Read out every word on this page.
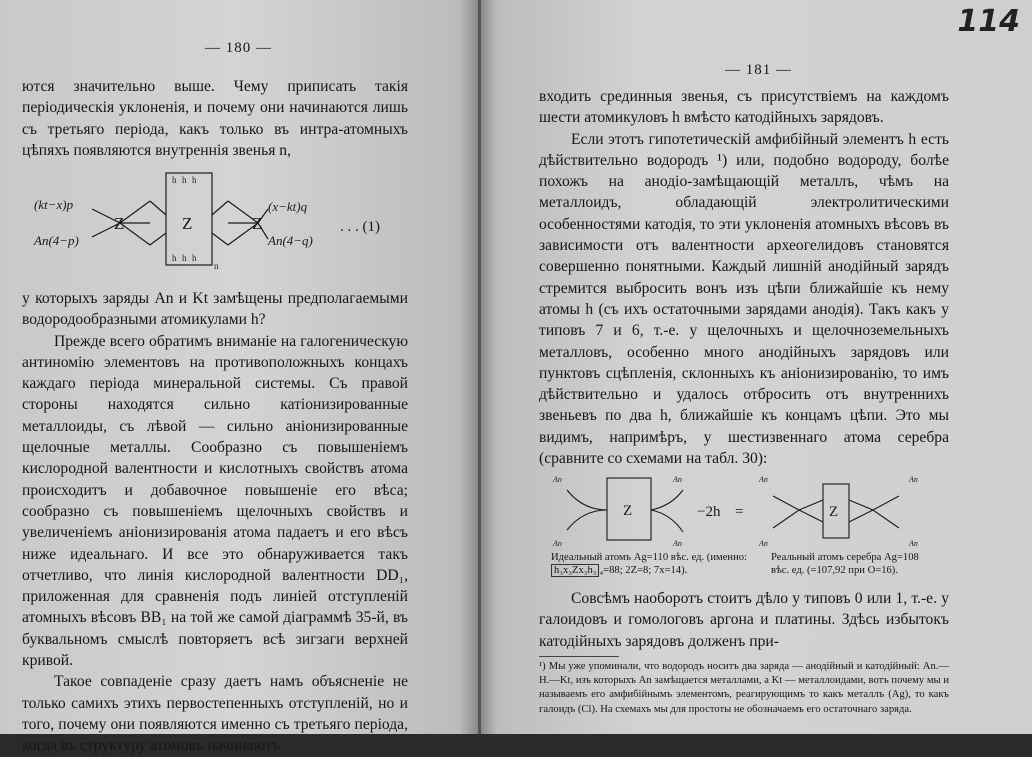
— 180 —

ются значительно выше. Чему приписать такія періодическія уклоненія, и почему они начинаются лишь съ третьяго періода, какъ только въ интра-атомныхъ цѣпяхъ появляются внутреннія звенья n,

(kt−x)p
An(4−p)
(x−kt)q
An(4−q)
Z	Z	Z
h h h
h h h
n
. . . (1)

у которыхъ заряды An и Kt замѣщены предполагаемыми водородообразными атомикулами h?

Прежде всего обратимъ вниманіе на галогеническую антиномію элементовъ на противоположныхъ концахъ каждаго періода минеральной системы. Съ правой стороны находятся сильно катіонизированные металлоиды, съ лѣвой — сильно аніонизированные щелочные металлы. Сообразно съ повышеніемъ кислородной валентности и кислотныхъ свойствъ атома происходитъ и добавочное повышеніе его вѣса; сообразно съ повышеніемъ щелочныхъ свойствъ и увеличеніемъ аніонизированія атома падаетъ и его вѣсъ ниже идеальнаго. И все это обнаруживается такъ отчетливо, что линія кислородной валентности DD₁, приложенная для сравненія подъ линіей отступленій атомныхъ вѣсовъ BB₁ на той же самой діаграммѣ 35-й, въ буквальномъ смыслѣ повторяетъ всѣ зигзаги верхней кривой.

Такое совпаденіе сразу даетъ намъ объясненіе не только самихъ этихъ первостепенныхъ отступленій, но и того, почему они появляются именно съ третьяго періода, когда въ структуру атомовъ начинаютъ

— 181 —
114

входить срединныя звенья, съ присутствіемъ на каждомъ шести атомикуловъ h вмѣсто катодійныхъ зарядовъ.

Если этотъ гипотетическій амфибійный элементъ h есть дѣйствительно водородъ ¹) или, подобно водороду, болѣе похожъ на анодіо-замѣщающій металлъ, чѣмъ на металлоидъ, обладающій электролитическими особенностями катодія, то эти уклоненія атомныхъ вѣсовъ въ зависимости отъ валентности археогелидовъ становятся совершенно понятными. Каждый лишній анодійный зарядъ стремится выбросить вонъ изъ цѣпи ближайшіе къ нему атомы h (съ ихъ остаточными зарядами анодія). Такъ какъ у типовъ 7 и 6, т.-е. у щелочныхъ и щелочноземельныхъ металловъ, особенно много анодійныхъ зарядовъ или пунктовъ сцѣпленія, склонныхъ къ аніонизированію, то имъ дѣйствительно и удалось отбросить отъ внутреннихъ звеньевъ по два h, ближайшіе къ концамъ цѣпи. Это мы видимъ, напримѣръ, у шестизвеннаго атома серебра (сравните со схемами на табл. 30):

An
An
An
An
An
An
An
An
Z	Z
−2h =
Идеальный атомъ Ag=110 вѣс. ед. (именно:
h₃x₃Zx₃h₃ ₄=88; 2Z=8; 7x=14).
Реальный атомъ серебра Ag=108
вѣс. ед. (=107,92 при O=16).

Совсѣмъ наоборотъ стоитъ дѣло у типовъ 0 или 1, т.-е. у галоидовъ и гомологовъ аргона и платины. Здѣсь избытокъ катодійныхъ зарядовъ долженъ при-

¹) Мы уже упоминали, что водородъ носитъ два заряда — анодійный и катодійный: An.—H.—Kt, изъ которыхъ An замѣщается металлами, а Kt — металлоидами, вотъ почему мы и называемъ его амфибійнымъ элементомъ, реагирующимъ то какъ металлъ (Ag), то какъ галоидъ (Cl). На схемахъ мы для простоты не обозначаемъ его остаточнаго заряда.
